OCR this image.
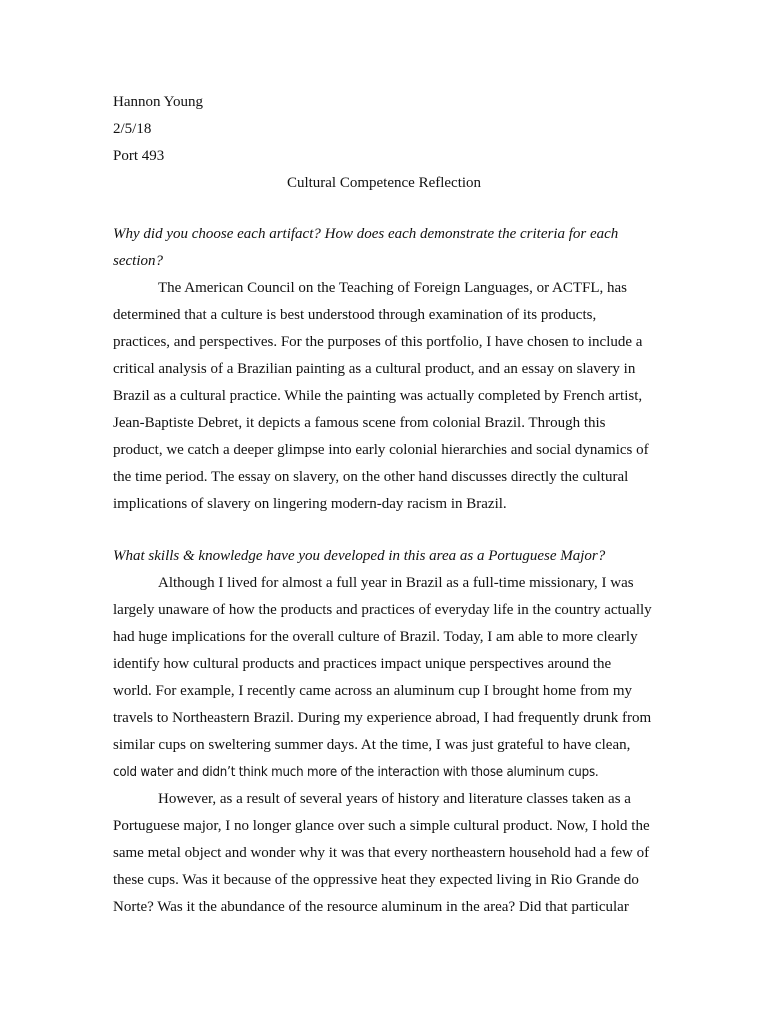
Hannon Young
2/5/18
Port 493
Cultural Competence Reflection
Why did you choose each artifact? How does each demonstrate the criteria for each
section?
The American Council on the Teaching of Foreign Languages, or ACTFL, has
determined that a culture is best understood through examination of its products,
practices, and perspectives. For the purposes of this portfolio, I have chosen to include a
critical analysis of a Brazilian painting as a cultural product, and an essay on slavery in
Brazil as a cultural practice. While the painting was actually completed by French artist,
Jean-Baptiste Debret, it depicts a famous scene from colonial Brazil. Through this
product, we catch a deeper glimpse into early colonial hierarchies and social dynamics of
the time period. The essay on slavery, on the other hand discusses directly the cultural
implications of slavery on lingering modern-day racism in Brazil.
What skills & knowledge have you developed in this area as a Portuguese Major?
Although I lived for almost a full year in Brazil as a full-time missionary, I was
largely unaware of how the products and practices of everyday life in the country actually
had huge implications for the overall culture of Brazil. Today, I am able to more clearly
identify how cultural products and practices impact unique perspectives around the
world. For example, I recently came across an aluminum cup I brought home from my
travels to Northeastern Brazil. During my experience abroad, I had frequently drunk from
similar cups on sweltering summer days. At the time, I was just grateful to have clean,
cold water and didn’t think much more of the interaction with those aluminum cups.
However, as a result of several years of history and literature classes taken as a
Portuguese major, I no longer glance over such a simple cultural product. Now, I hold the
same metal object and wonder why it was that every northeastern household had a few of
these cups. Was it because of the oppressive heat they expected living in Rio Grande do
Norte? Was it the abundance of the resource aluminum in the area? Did that particular
